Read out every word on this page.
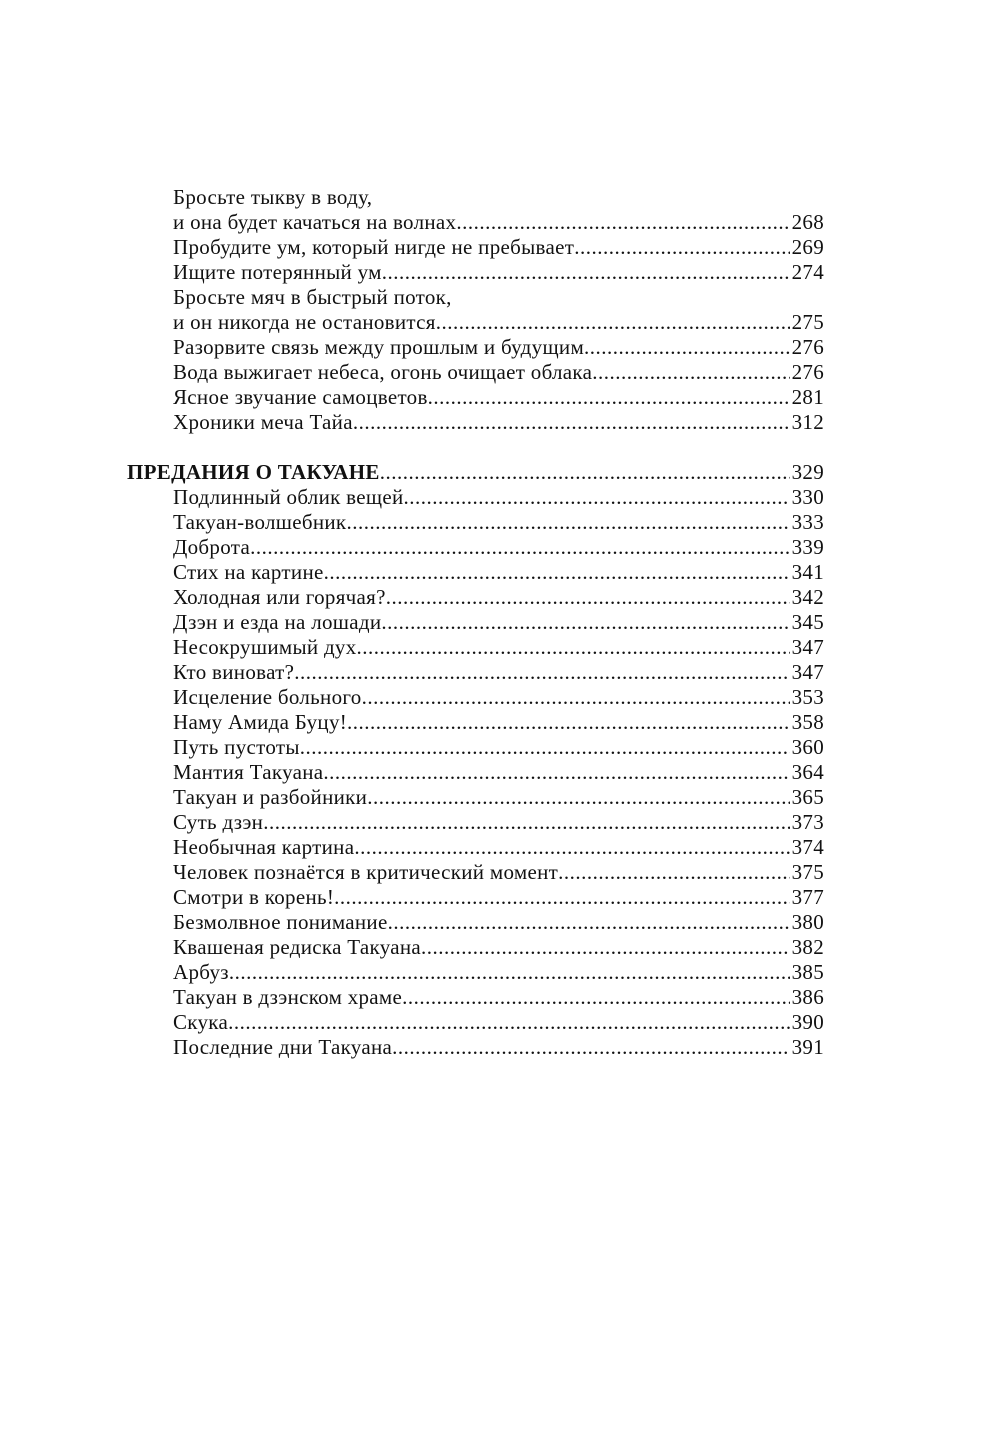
Бросьте тыкву в воду,
и она будет качаться на волнах .....	268
Пробудите ум, который нигде не пребывает .....	269
Ищите потерянный ум .....	274
Бросьте мяч в быстрый поток,
и он никогда не остановится .....	275
Разорвите связь между прошлым и будущим .....	276
Вода выжигает небеса, огонь очищает облака .....	276
Ясное звучание самоцветов .....	281
Хроники меча Тайа .....	312
ПРЕДАНИЯ О ТАКУАНЕ .....	329
Подлинный облик вещей .....	330
Такуан-волшебник .....	333
Доброта .....	339
Стих на картине .....	341
Холодная или горячая? .....	342
Дзэн и езда на лошади .....	345
Несокрушимый дух .....	347
Кто виноват? .....	347
Исцеление больного .....	353
Наму Амида Буцу! .....	358
Путь пустоты .....	360
Мантия Такуана .....	364
Такуан и разбойники .....	365
Суть дзэн .....	373
Необычная картина .....	374
Человек познаётся в критический момент .....	375
Смотри в корень! .....	377
Безмолвное понимание .....	380
Квашеная редиска Такуана .....	382
Арбуз .....	385
Такуан в дзэнском храме .....	386
Скука .....	390
Последние дни Такуана .....	391
